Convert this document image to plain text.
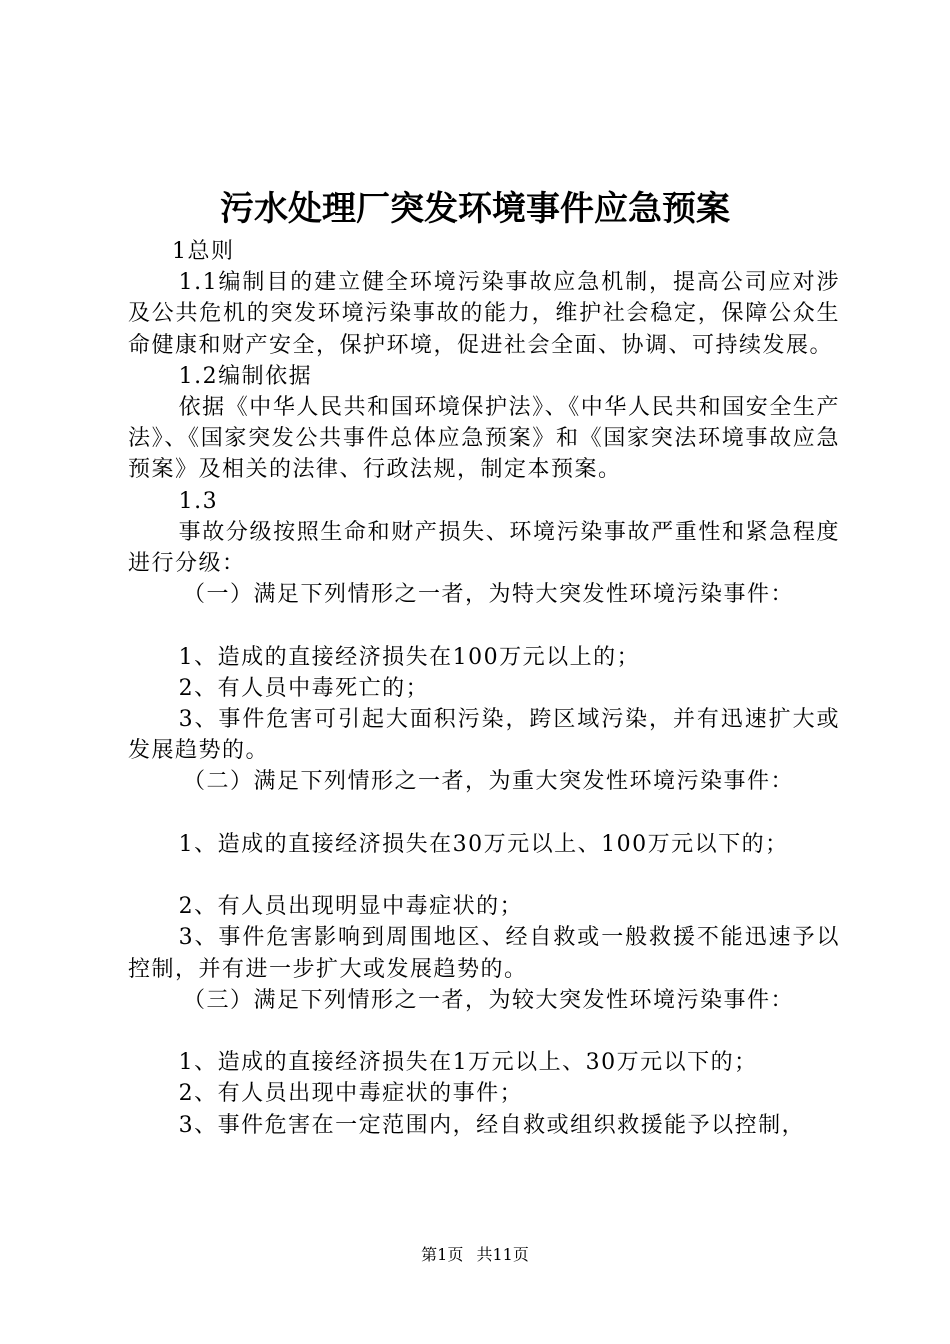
污水处理厂突发环境事件应急预案

1总则

1.1编制目的建立健全环境污染事故应急机制，提高公司应对涉及公共危机的突发环境污染事故的能力，维护社会稳定，保障公众生命健康和财产安全，保护环境，促进社会全面、协调、可持续发展。

1.2编制依据

依据《中华人民共和国环境保护法》、《中华人民共和国安全生产法》、《国家突发公共事件总体应急预案》和《国家突法环境事故应急预案》及相关的法律、行政法规，制定本预案。

1.3

事故分级按照生命和财产损失、环境污染事故严重性和紧急程度进行分级：

（一）满足下列情形之一者，为特大突发性环境污染事件：

1、造成的直接经济损失在100万元以上的；

2、有人员中毒死亡的；

3、事件危害可引起大面积污染，跨区域污染，并有迅速扩大或发展趋势的。

（二）满足下列情形之一者，为重大突发性环境污染事件：

1、造成的直接经济损失在30万元以上、100万元以下的；

2、有人员出现明显中毒症状的；

3、事件危害影响到周围地区、经自救或一般救援不能迅速予以控制，并有进一步扩大或发展趋势的。

（三）满足下列情形之一者，为较大突发性环境污染事件：

1、造成的直接经济损失在1万元以上、30万元以下的；

2、有人员出现中毒症状的事件；

3、事件危害在一定范围内，经自救或组织救援能予以控制，

第1页 共11页
